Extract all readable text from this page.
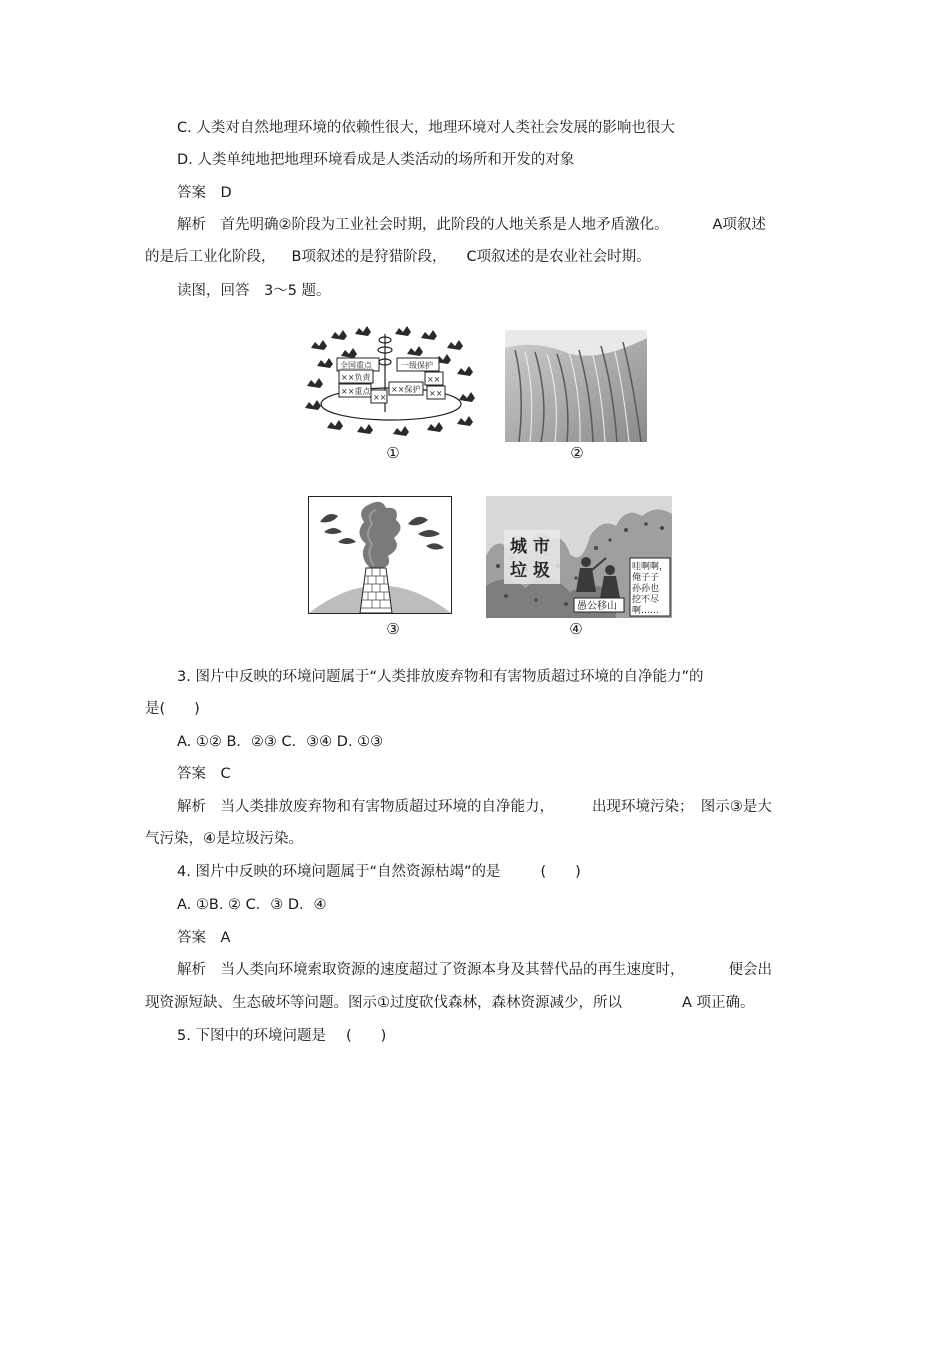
C. 人类对自然地理环境的依赖性很大，地理环境对人类社会发展的影响也很大
D. 人类单纯地把地理环境看成是人类活动的场所和开发的对象
答案　D
解析　首先明确②阶段为工业社会时期，此阶段的人地关系是人地矛盾激化。	A项叙述
的是后工业化阶段， B项叙述的是狩猎阶段， C项叙述的是农业社会时期。
读图，回答　3～5 题。
全国重点
××负责
一级保护
××重点
××
××保护
××
××
①	②
③
城 市
垃 圾	哇啊啊，
俺子子
孙孙也
挖不尽
啊……
愚公移山
④
3. 图片中反映的环境问题属于“人类排放废弃物和有害物质超过环境的自净能力”的
是(　　)
A. ①② B．②③ C．③④ D. ①③
答案　C
解析　当人类排放废弃物和有害物质超过环境的自净能力，	出现环境污染；　图示③是大
气污染，④是垃圾污染。
4. 图片中反映的环境问题属于“自然资源枯竭”的是	(　　)
A. ①B. ② C．③ D．④
答案　A
解析　当人类向环境索取资源的速度超过了资源本身及其替代品的再生速度时，	便会出
现资源短缺、生态破坏等问题。图示①过度砍伐森林，森林资源减少，所以	A 项正确。
5. 下图中的环境问题是 (　　)
